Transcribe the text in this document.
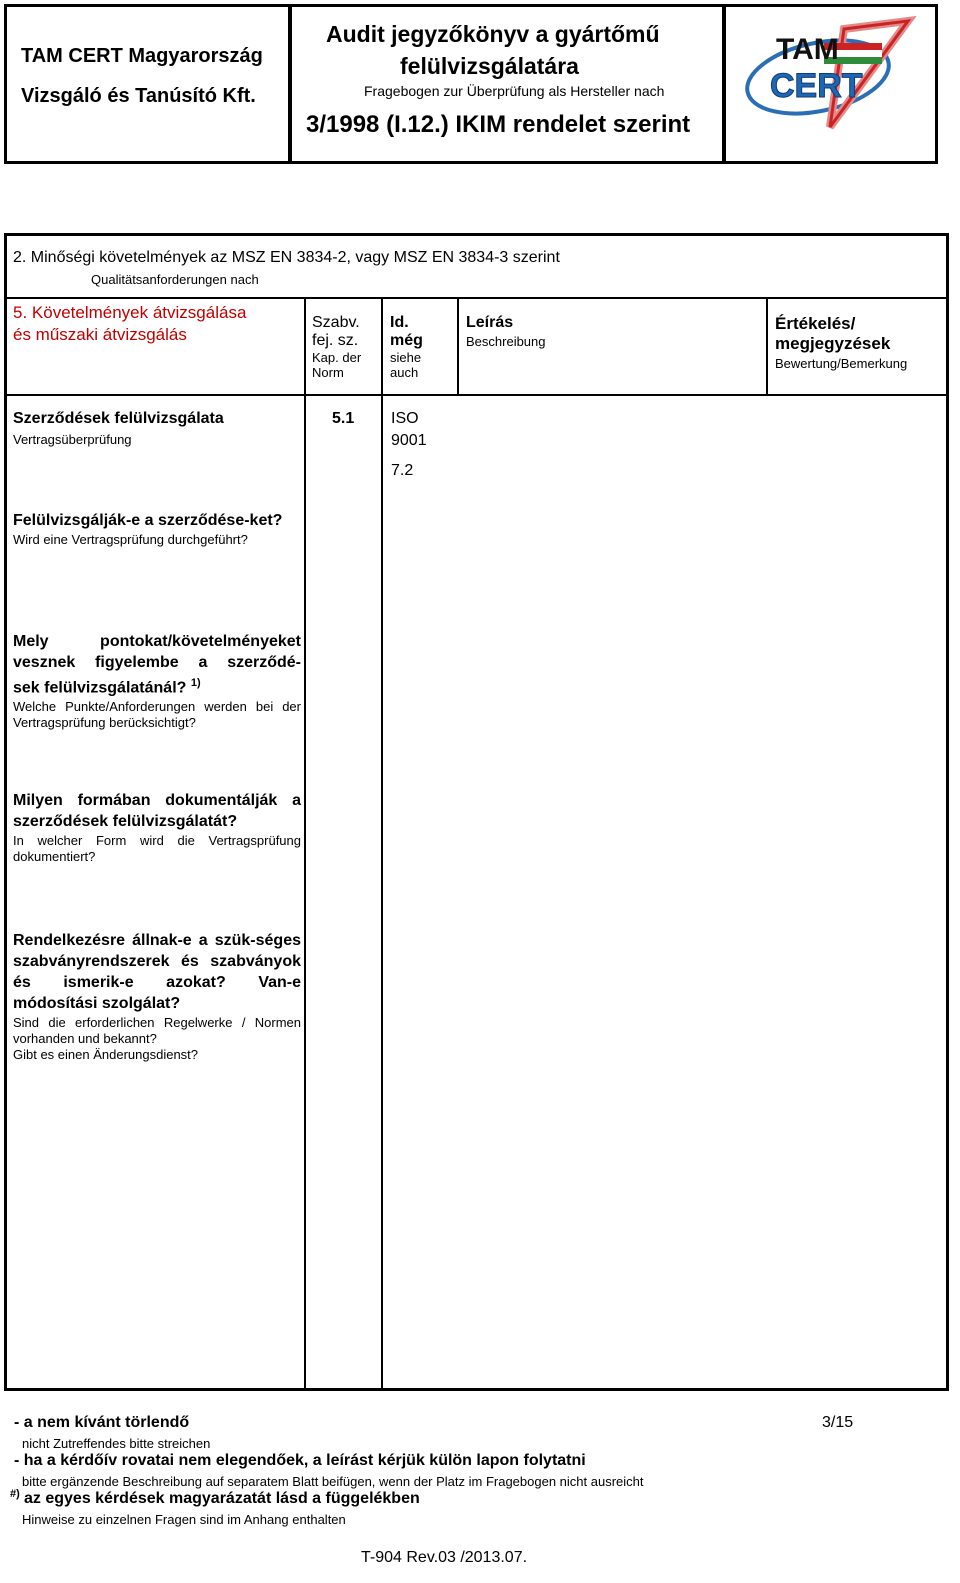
TAM CERT Magyarország
Vizsgáló és Tanúsító Kft.
Audit jegyzőkönyv a gyártőmű
felülvizsgálatára
Fragebogen zur Überprüfung als Hersteller nach
3/1998 (I.12.) IKIM rendelet szerint
TAM
CERT
2. Minőségi követelmények az MSZ EN 3834-2, vagy MSZ EN 3834-3 szerint
Qualitätsanforderungen nach
5. Követelmények átvizsgálása
és műszaki átvizsgálás
Szabv.
fej. sz.
Kap. der
Norm
Id.
még
siehe
auch
Leírás
Beschreibung
Értékelés/
megjegyzések
Bewertung/Bemerkung
Szerződések felülvizsgálata
Vertragsüberprüfung
5.1 ISO
9001
7.2
Felülvizsgálják-e a szerződése-ket?
Wird eine Vertragsprüfung durchgeführt?
Mely pontokat/követelményeket
vesznek figyelembe a szerződé-
sek felülvizsgálatánál? $^{1)}$
Welche Punkte/Anforderungen werden bei der Vertragsprüfung berücksichtigt?
Milyen formában dokumentálják a szerződések felülvizsgálatát?
In welcher Form wird die Vertragsprüfung dokumentiert?
Rendelkezésre állnak-e a szük-séges szabványrendszerek és szabványok és ismerik-e azokat? Van-e módosítási szolgálat?
Sind die erforderlichen Regelwerke / Normen vorhanden und bekannt?
Gibt es einen Änderungsdienst?
- a nem kívánt törlendő
nicht Zutreffendes bitte streichen
3/15
- ha a kérdőív rovatai nem elegendőek, a leírást kérjük külön lapon folytatni
bitte ergänzende Beschreibung auf separatem Blatt beifügen, wenn der Platz im Fragebogen nicht ausreicht
#) az egyes kérdések magyarázatát lásd a függelékben
Hinweise zu einzelnen Fragen sind im Anhang enthalten
T-904 Rev.03 /2013.07.
